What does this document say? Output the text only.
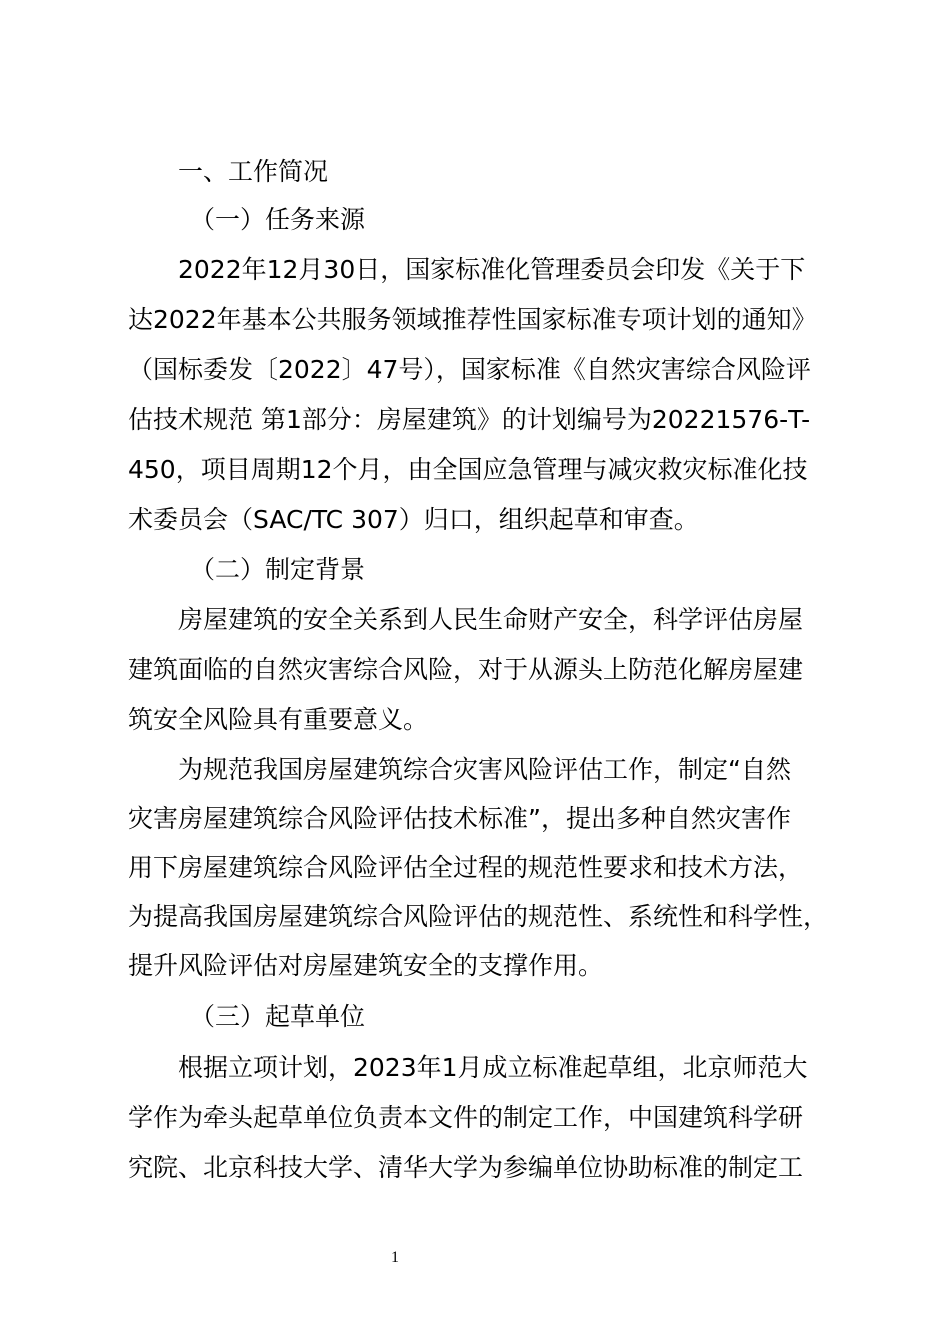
一、工作简况
（一）任务来源
2022年12月30日，国家标准化管理委员会印发《关于下
达2022年基本公共服务领域推荐性国家标准专项计划的通知》
（国标委发〔2022〕47号），国家标准《自然灾害综合风险评
估技术规范 第1部分：房屋建筑》的计划编号为20221576-T-
450，项目周期12个月，由全国应急管理与减灾救灾标准化技
术委员会（SAC/TC 307）归口，组织起草和审查。
（二）制定背景
房屋建筑的安全关系到人民生命财产安全，科学评估房屋
建筑面临的自然灾害综合风险，对于从源头上防范化解房屋建
筑安全风险具有重要意义。
为规范我国房屋建筑综合灾害风险评估工作，制定“自然
灾害房屋建筑综合风险评估技术标准”，提出多种自然灾害作
用下房屋建筑综合风险评估全过程的规范性要求和技术方法，
为提高我国房屋建筑综合风险评估的规范性、系统性和科学性，
提升风险评估对房屋建筑安全的支撑作用。
（三）起草单位
根据立项计划，2023年1月成立标准起草组，北京师范大
学作为牵头起草单位负责本文件的制定工作，中国建筑科学研
究院、北京科技大学、清华大学为参编单位协助标准的制定工
1
